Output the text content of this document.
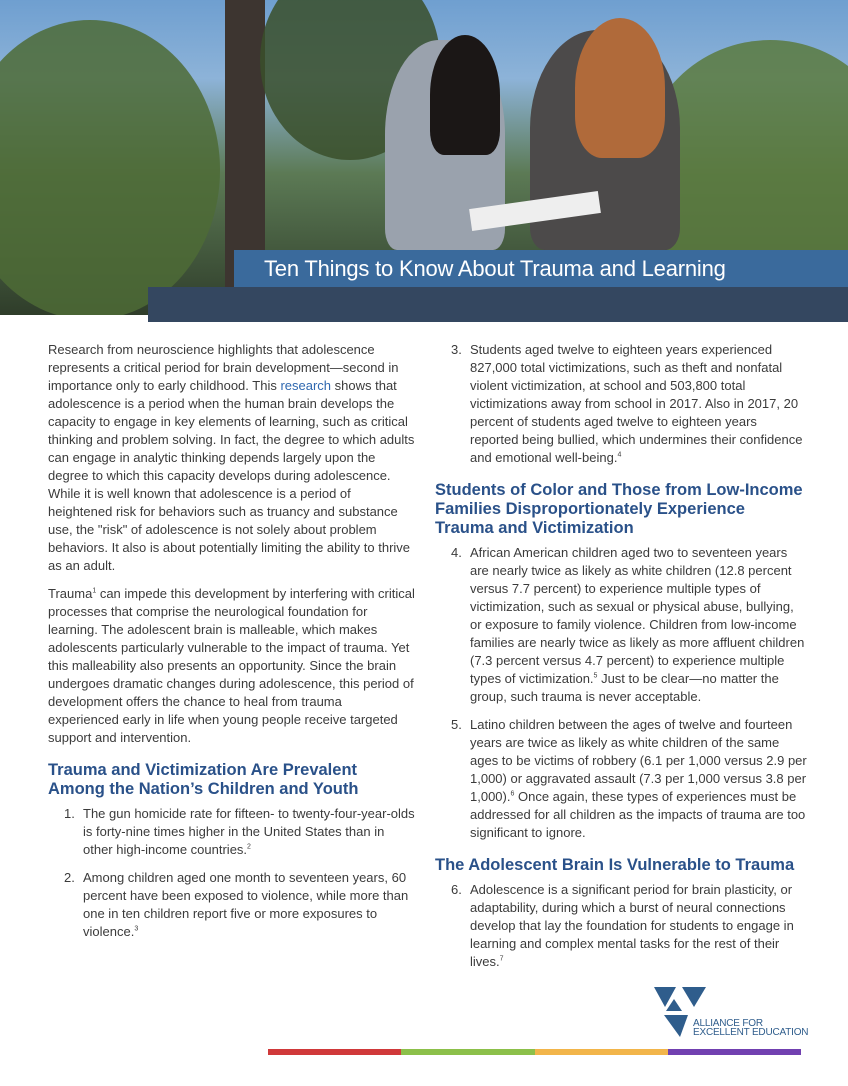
Ten Things to Know About Trauma and Learning

Research from neuroscience highlights that adolescence represents a critical period for brain development—second in importance only to early childhood. This research shows that adolescence is a period when the human brain develops the capacity to engage in key elements of learning, such as critical thinking and problem solving. In fact, the degree to which adults can engage in analytic thinking depends largely upon the degree to which this capacity develops during adolescence. While it is well known that adolescence is a period of heightened risk for behaviors such as truancy and substance use, the "risk" of adolescence is not solely about problem behaviors. It also is about potentially limiting the ability to thrive as an adult.

Trauma$^1$ can impede this development by interfering with critical processes that comprise the neurological foundation for learning. The adolescent brain is malleable, which makes adolescents particularly vulnerable to the impact of trauma. Yet this malleability also presents an opportunity. Since the brain undergoes dramatic changes during adolescence, this period of development offers the chance to heal from trauma experienced early in life when young people receive targeted support and intervention.

Trauma and Victimization Are Prevalent Among the Nation’s Children and Youth
1. The gun homicide rate for fifteen- to twenty-four-year-olds is forty-nine times higher in the United States than in other high-income countries.$^2$
2. Among children aged one month to seventeen years, 60 percent have been exposed to violence, while more than one in ten children report five or more exposures to violence.$^3$
3. Students aged twelve to eighteen years experienced 827,000 total victimizations, such as theft and nonfatal violent victimization, at school and 503,800 total victimizations away from school in 2017. Also in 2017, 20 percent of students aged twelve to eighteen years reported being bullied, which undermines their confidence and emotional well-being.$^4$
Students of Color and Those from Low-Income Families Disproportionately Experience Trauma and Victimization
4. African American children aged two to seventeen years are nearly twice as likely as white children (12.8 percent versus 7.7 percent) to experience multiple types of victimization, such as sexual or physical abuse, bullying, or exposure to family violence. Children from low-income families are nearly twice as likely as more affluent children (7.3 percent versus 4.7 percent) to experience multiple types of victimization.$^5$ Just to be clear—no matter the group, such trauma is never acceptable.
5. Latino children between the ages of twelve and fourteen years are twice as likely as white children of the same ages to be victims of robbery (6.1 per 1,000 versus 2.9 per 1,000) or aggravated assault (7.3 per 1,000 versus 3.8 per 1,000).$^6$ Once again, these types of experiences must be addressed for all children as the impacts of trauma are too significant to ignore.
The Adolescent Brain Is Vulnerable to Trauma
6. Adolescence is a significant period for brain plasticity, or adaptability, during which a burst of neural connections develop that lay the foundation for students to engage in learning and complex mental tasks for the rest of their lives.$^7$
ALLIANCE FOR
EXCELLENT EDUCATION
